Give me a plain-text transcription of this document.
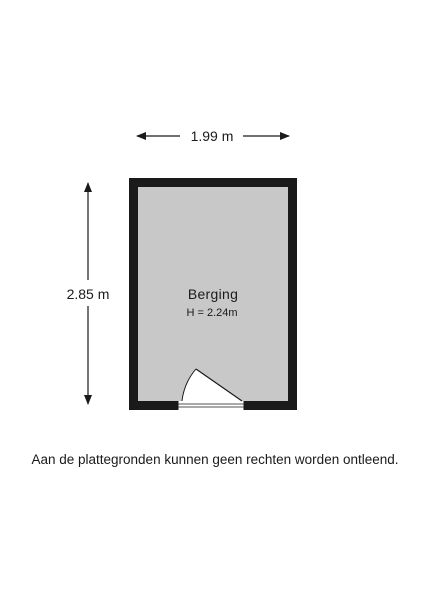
1.99 m
2.85 m	Berging
H = 2.24m
Aan de plattegronden kunnen geen rechten worden ontleend.
